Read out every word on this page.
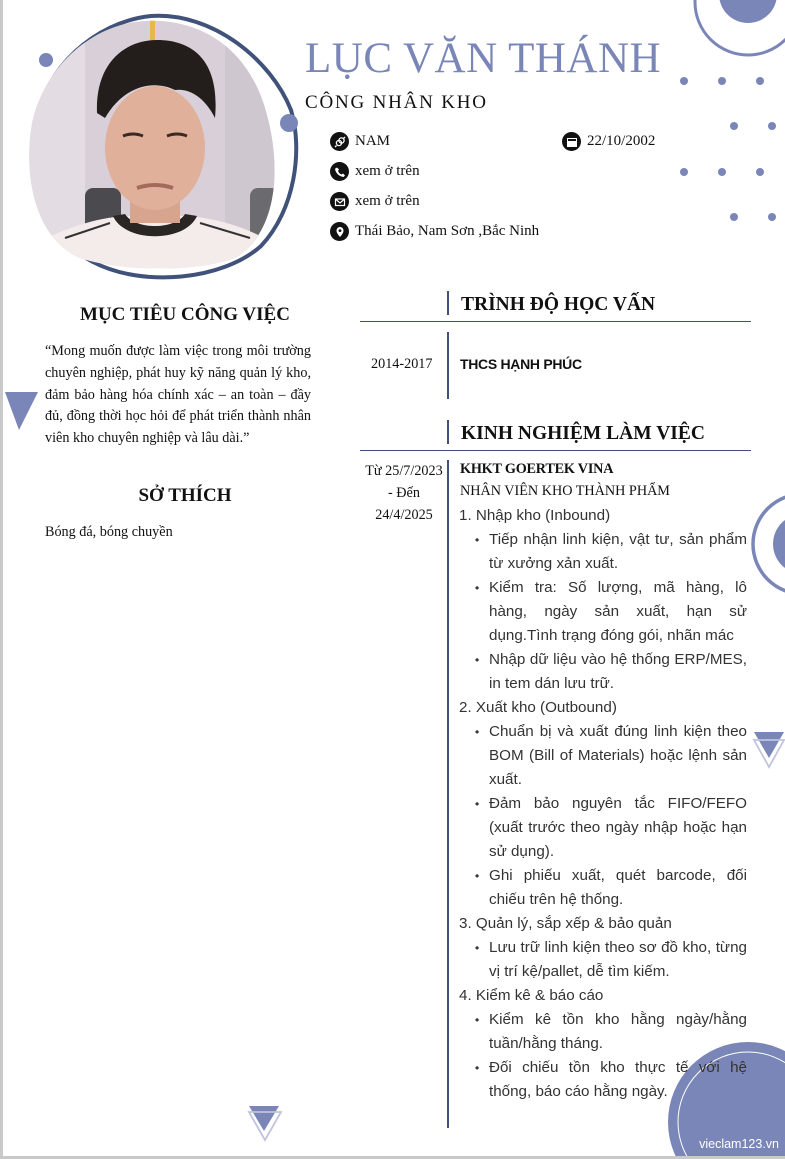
LỤC VĂN THÁNH
CÔNG NHÂN KHO
NAM	22/10/2002
xem ở trên
xem ở trên
Thái Bảo, Nam Sơn ,Bắc Ninh
MỤC TIÊU CÔNG VIỆC
“Mong muốn được làm việc trong môi trường chuyên nghiệp, phát huy kỹ năng quản lý kho, đảm bảo hàng hóa chính xác – an toàn – đầy đủ, đồng thời học hỏi để phát triển thành nhân viên kho chuyên nghiệp và lâu dài.”
SỞ THÍCH
Bóng đá, bóng chuyền
TRÌNH ĐỘ HỌC VẤN
2014-2017 THCS HẠNH PHÚC
KINH NGHIỆM LÀM VIỆC
Từ 25/7/2023
- Đến
24/4/2025
KHKT GOERTEK VINA
NHÂN VIÊN KHO THÀNH PHẨM
1. Nhập kho (Inbound)
• Tiếp nhận linh kiện, vật tư, sản phẩm từ xưởng xản xuất.
• Kiểm tra: Số lượng, mã hàng, lô hàng, ngày sản xuất, hạn sử dụng.Tình trạng đóng gói, nhãn mác
• Nhập dữ liệu vào hệ thống ERP/MES, in tem dán lưu trữ.
2. Xuất kho (Outbound)
• Chuẩn bị và xuất đúng linh kiện theo BOM (Bill of Materials) hoặc lệnh sản xuất.
• Đảm bảo nguyên tắc FIFO/FEFO (xuất trước theo ngày nhập hoặc hạn sử dụng).
• Ghi phiếu xuất, quét barcode, đối chiếu trên hệ thống.
3. Quản lý, sắp xếp & bảo quản
• Lưu trữ linh kiện theo sơ đồ kho, từng vị trí kệ/pallet, dễ tìm kiếm.
4. Kiểm kê & báo cáo
• Kiểm kê tồn kho hằng ngày/hằng tuần/hằng tháng.
• Đối chiếu tồn kho thực tế với hệ thống, báo cáo hằng ngày.
vieclam123.vn
